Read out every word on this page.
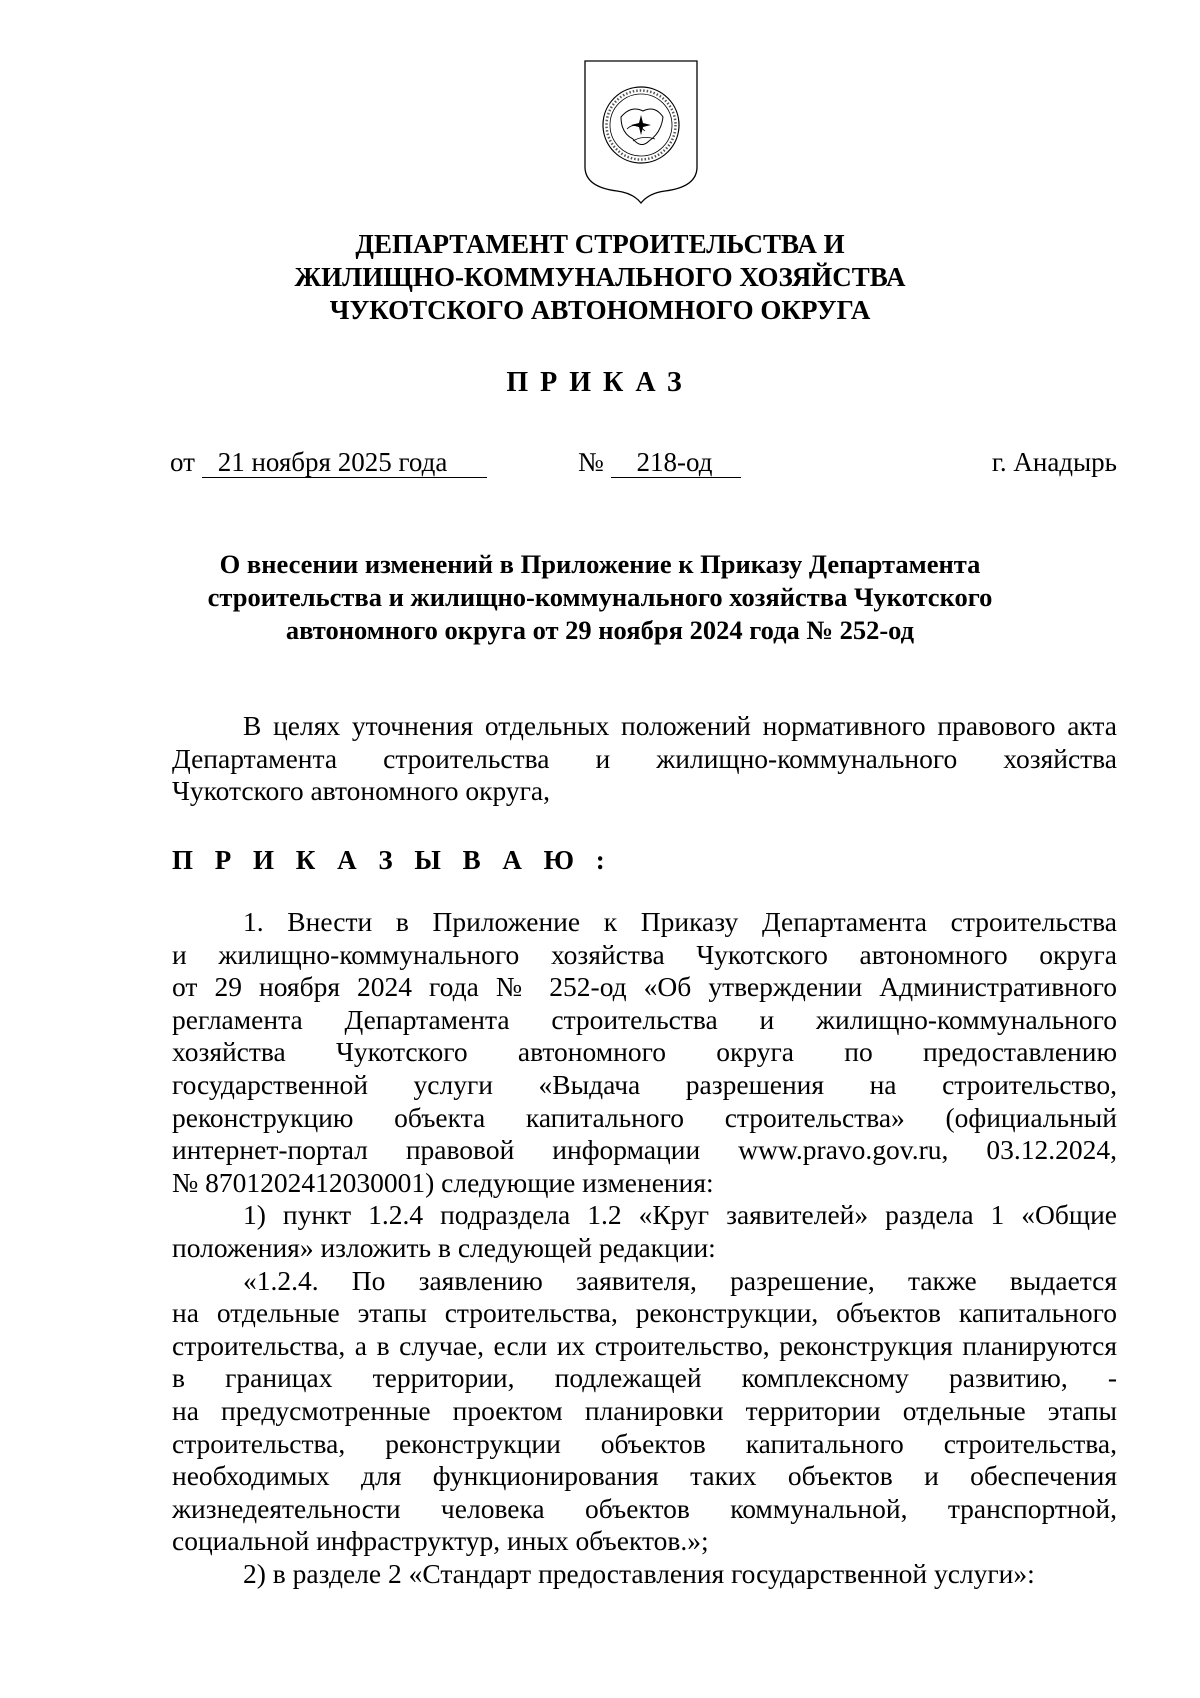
ДЕПАРТАМЕНТ СТРОИТЕЛЬСТВА И
ЖИЛИЩНО-КОММУНАЛЬНОГО ХОЗЯЙСТВА
ЧУКОТСКОГО АВТОНОМНОГО ОКРУГА
ПРИКАЗ
от 21 ноября 2025 года	№ 218-од	г. Анадырь
О внесении изменений в Приложение к Приказу Департамента
строительства и жилищно-коммунального хозяйства Чукотского
автономного округа от 29 ноября 2024 года № 252-од
В целях уточнения отдельных положений нормативного правового акта
Департамента строительства и жилищно-коммунального хозяйства
Чукотского автономного округа,
П Р И К А З Ы В А Ю :
1. Внести в Приложение к Приказу Департамента строительства
и жилищно-коммунального хозяйства Чукотского автономного округа
от 29 ноября 2024 года № 252-од «Об утверждении Административного
регламента Департамента строительства и жилищно-коммунального
хозяйства Чукотского автономного округа по предоставлению
государственной услуги «Выдача разрешения на строительство,
реконструкцию объекта капитального строительства» (официальный
интернет-портал правовой информации www.pravo.gov.ru, 03.12.2024,
№ 8701202412030001) следующие изменения:
1) пункт 1.2.4 подраздела 1.2 «Круг заявителей» раздела 1 «Общие
положения» изложить в следующей редакции:
«1.2.4. По заявлению заявителя, разрешение, также выдается
на отдельные этапы строительства, реконструкции, объектов капитального
строительства, а в случае, если их строительство, реконструкция планируются
в границах территории, подлежащей комплексному развитию, -
на предусмотренные проектом планировки территории отдельные этапы
строительства, реконструкции объектов капитального строительства,
необходимых для функционирования таких объектов и обеспечения
жизнедеятельности человека объектов коммунальной, транспортной,
социальной инфраструктур, иных объектов.»;
2) в разделе 2 «Стандарт предоставления государственной услуги»:
